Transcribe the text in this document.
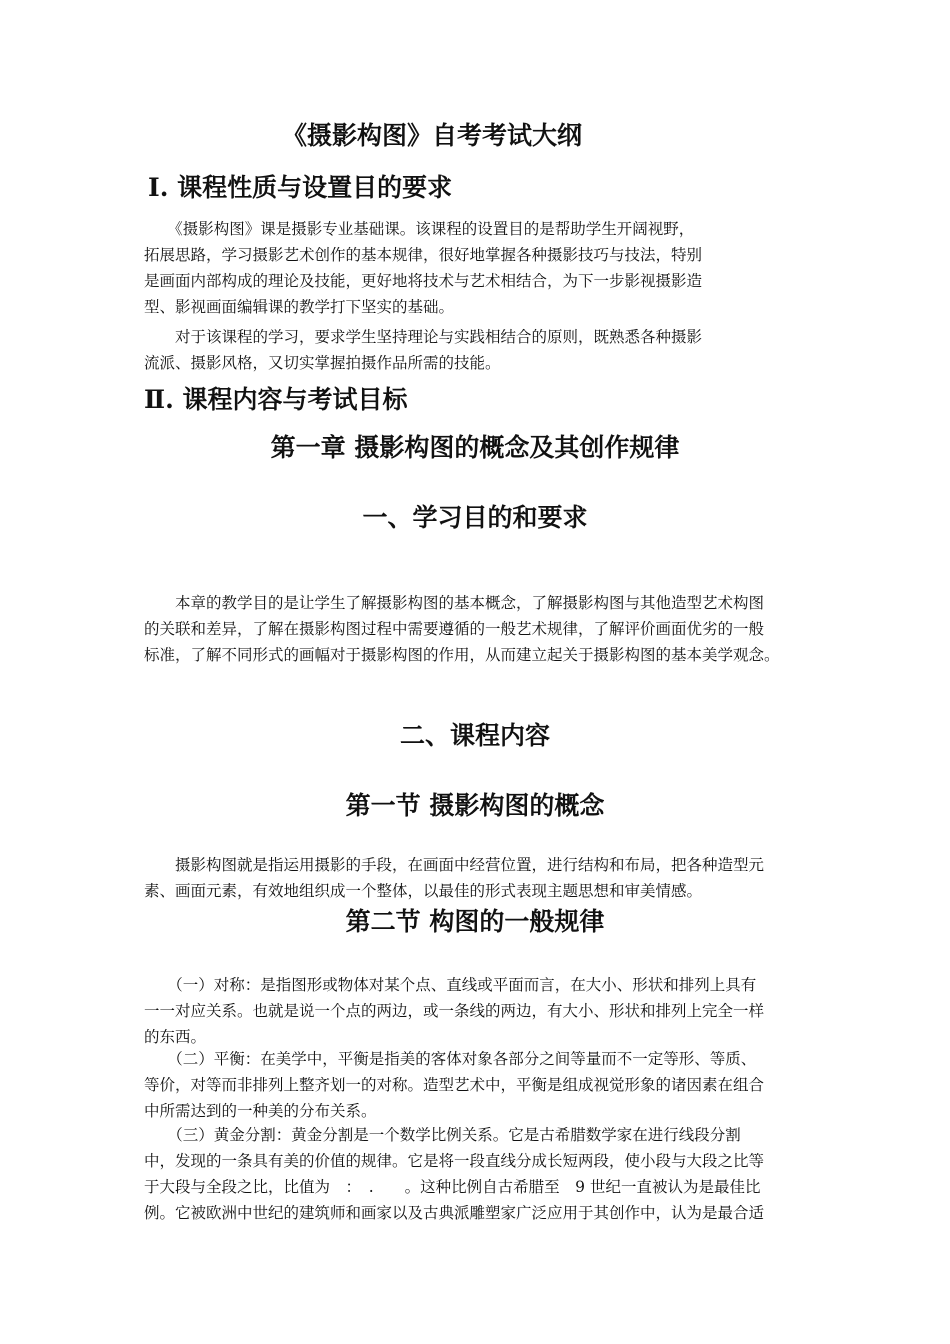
《摄影构图》自考考试大纲
Ⅰ. 课程性质与设置目的要求

　　《摄影构图》课是摄影专业基础课。该课程的设置目的是帮助学生开阔视野，
拓展思路，学习摄影艺术创作的基本规律，很好地掌握各种摄影技巧与技法，特别
是画面内部构成的理论及技能，更好地将技术与艺术相结合，为下一步影视摄影造
型、影视画面编辑课的教学打下坚实的基础。

　　对于该课程的学习，要求学生坚持理论与实践相结合的原则，既熟悉各种摄影
流派、摄影风格，又切实掌握拍摄作品所需的技能。

Ⅱ. 课程内容与考试目标
第一章 摄影构图的概念及其创作规律
一、学习目的和要求

　　本章的教学目的是让学生了解摄影构图的基本概念，了解摄影构图与其他造型艺术构图
的关联和差异，了解在摄影构图过程中需要遵循的一般艺术规律，了解评价画面优劣的一般
标准，了解不同形式的画幅对于摄影构图的作用，从而建立起关于摄影构图的基本美学观念。

二、课程内容
第一节 摄影构图的概念

　　摄影构图就是指运用摄影的手段，在画面中经营位置，进行结构和布局，把各种造型元
素、画面元素，有效地组织成一个整体，以最佳的形式表现主题思想和审美情感。

第二节 构图的一般规律

　　（一）对称：是指图形或物体对某个点、直线或平面而言，在大小、形状和排列上具有
一一对应关系。也就是说一个点的两边，或一条线的两边，有大小、形状和排列上完全一样
的东西。

　　（二）平衡：在美学中，平衡是指美的客体对象各部分之间等量而不一定等形、等质、
等价，对等而非排列上整齐划一的对称。造型艺术中，平衡是组成视觉形象的诸因素在组合
中所需达到的一种美的分布关系。

　　（三）黄金分割：黄金分割是一个数学比例关系。它是古希腊数学家在进行线段分割
中，发现的一条具有美的价值的规律。它是将一段直线分成长短两段，使小段与大段之比等
于大段与全段之比，比值为　：　.　　。这种比例自古希腊至　9 世纪一直被认为是最佳比
例。它被欧洲中世纪的建筑师和画家以及古典派雕塑家广泛应用于其创作中，认为是最合适
